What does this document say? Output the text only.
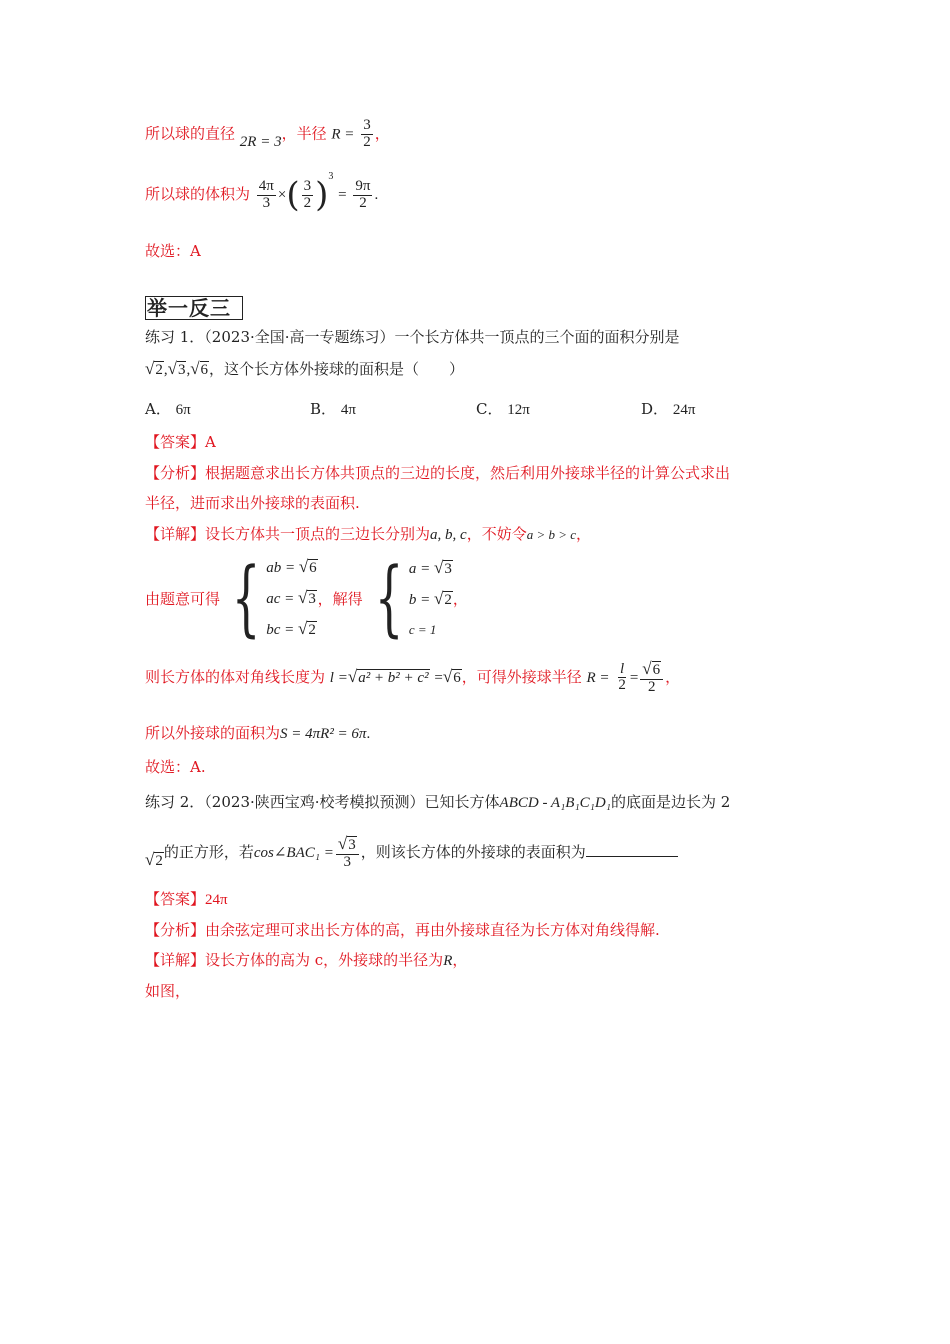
所以球的直径 2R = 3，半径 $R = \frac{3}{2}$ ，
所以球的体积为 $\frac{4\pi}{3}$ ×( $\frac{3}{2} )^3 = \frac{9\pi}{2}$ .
故选：A
举一反三
练习 1．（2023·全国·高一专题练习）一个长方体共一顶点的三个面的面积分别是
√2,√3,√6，这个长方体外接球的面积是（　　）
A． 6π	B． 4π	C． 12π	D． 24π
【答案】A
【分析】根据题意求出长方体共顶点的三边的长度，然后利用外接球半径的计算公式求出
半径，进而求出外接球的表面积.
【详解】设长方体共一顶点的三边长分别为a, b, c，不妨令a > b > c，
由题意可得 { ab = √6
ac = √3
bc = √2
，解得 { a = √3
b = √2
c = 1
，
则长方体的体对角线长度为 l =√a² + b² + c² =√6，可得外接球半径 $R = \frac{l}{2} = \frac{√6}{2}$ ，
所以外接球的面积为S = 4πR² = 6π.
故选：A.
练习 2．（2023·陕西宝鸡·校考模拟预测）已知长方体ABCD - A₁B₁C₁D₁的底面是边长为 2
√2的正方形，若cos∠BAC₁ = $\frac{√3}{3}$ ，则该长方体的外接球的表面积为
【答案】24π
【分析】由余弦定理可求出长方体的高，再由外接球直径为长方体对角线得解.
【详解】设长方体的高为 c，外接球的半径为R，
如图，
